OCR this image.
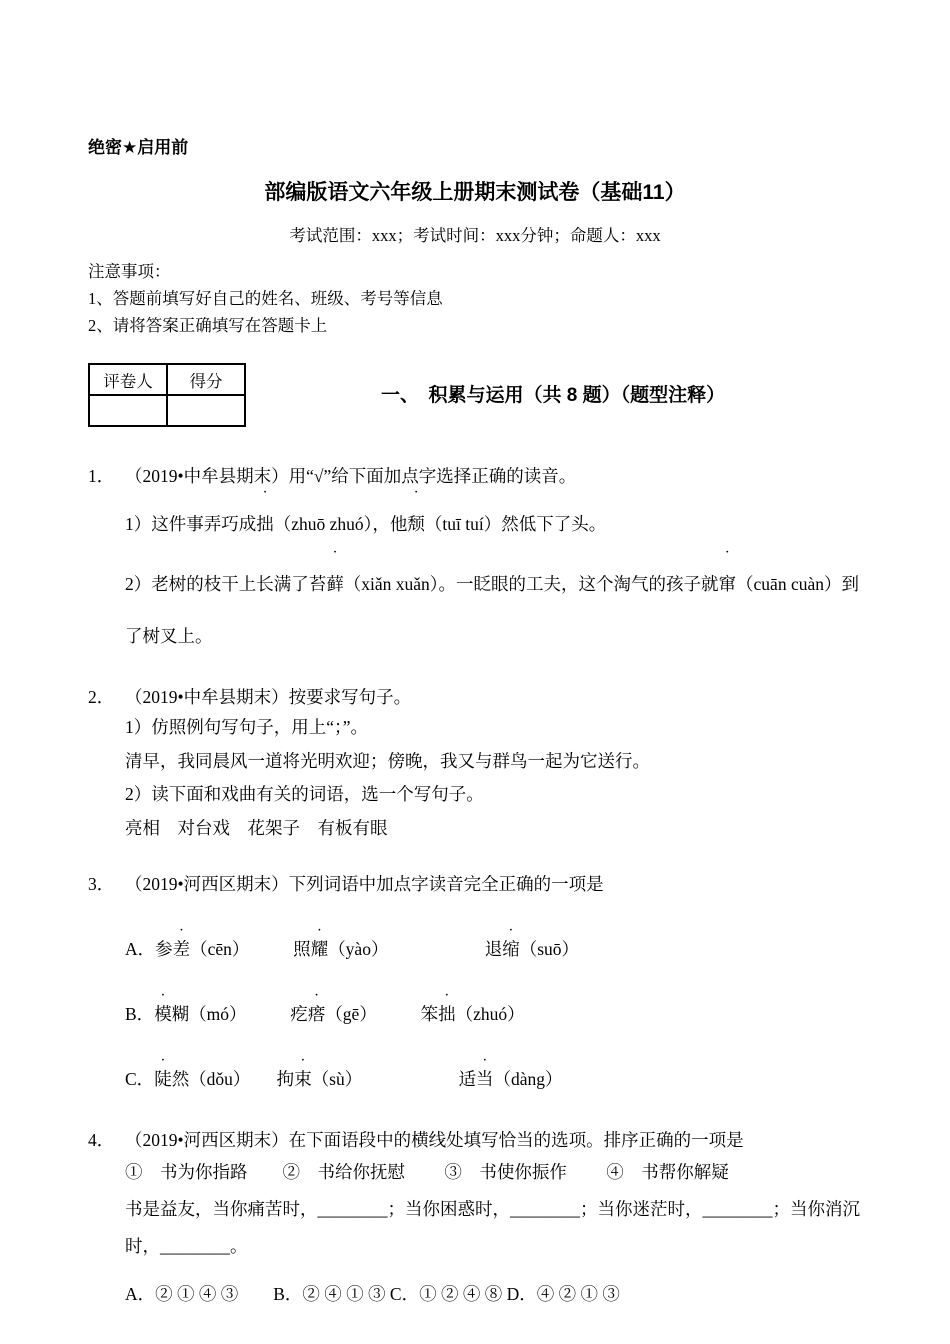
绝密★启用前
部编版语文六年级上册期末测试卷（基础11）
考试范围：xxx；考试时间：xxx分钟；命题人：xxx
注意事项：
1、答题前填写好自己的姓名、班级、考号等信息
2、请将答案正确填写在答题卡上
评卷人	得分

一、　积累与运用（共 8 题）（题型注释）
1． （2019•中牟县期末）用“√”给下面加点字选择正确的读音。
1）这件事弄巧成拙（zhuō zhuó），他颓（tuī tuí）然低下了头。
2）老树的枝干上长满了苔藓（xiǎn xuǎn）。一眨眼的工夫，这个淘气的孩子就窜（cuān cuàn）到了树叉上。
2． （2019•中牟县期末）按要求写句子。
1）仿照例句写句子，用上“；”。
清早，我同晨风一道将光明欢迎；傍晚，我又与群鸟一起为它送行。
2）读下面和戏曲有关的词语，选一个写句子。
亮相　对台戏　花架子　有板有眼
3． （2019•河西区期末）下列词语中加点字读音完全正确的一项是
A．参差（cēn）　　　照耀（yào）　　　　　　退缩（suō）
B．模糊（mó）　　　疙瘩（gē）　　　笨拙（zhuó）
C．陡然（dǒu）　　拘束（sù）　　　　　　适当（dàng）
4． （2019•河西区期末）在下面语段中的横线处填写恰当的选项。排序正确的一项是
①　书为你指路　　②　书给你抚慰　　 ③　书使你振作　　 ④　书帮你解疑
书是益友，当你痛苦时，________；当你困惑时，________；当你迷茫时，________；当你消沉时，________。
A．② ① ④ ③　　B．② ④ ① ③ C．① ② ④ ⑧ D．④ ② ① ③
